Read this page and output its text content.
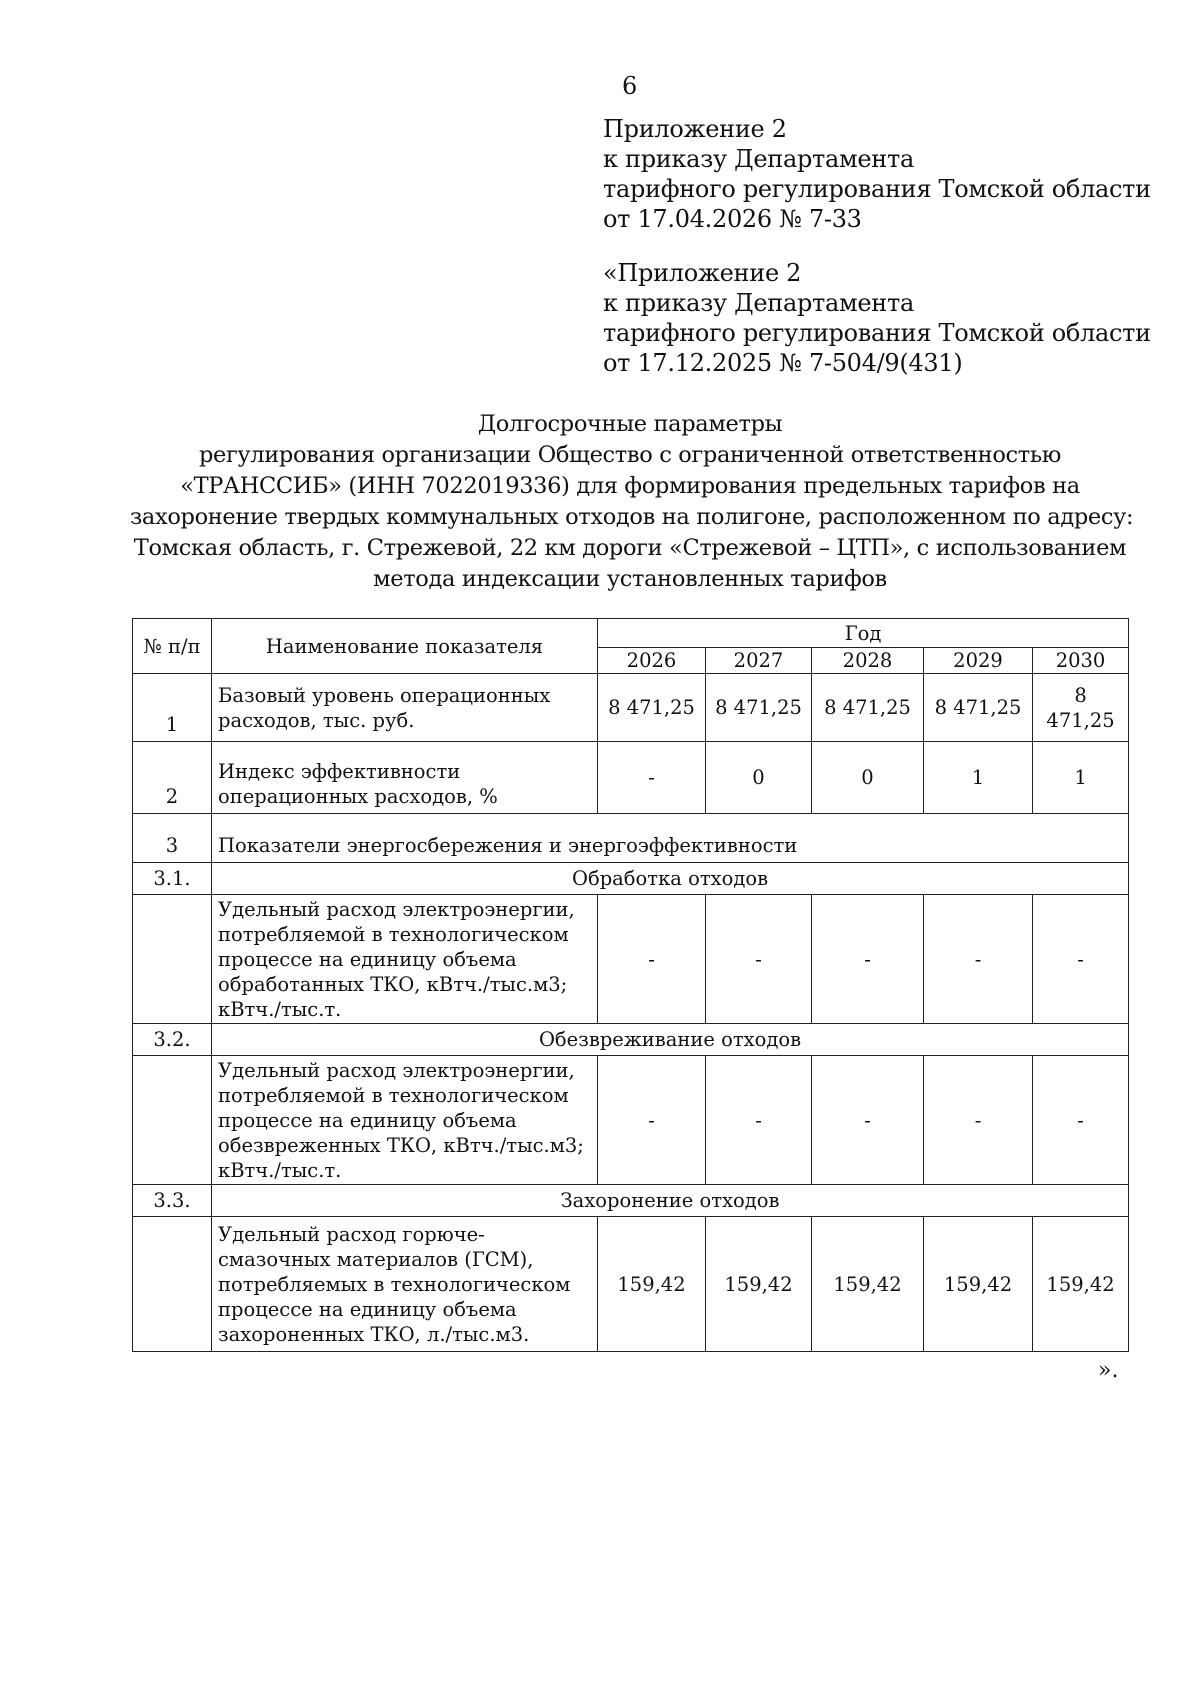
6
Приложение 2
к приказу Департамента
тарифного регулирования Томской области
от 17.04.2026 № 7-33
«Приложение 2
к приказу Департамента
тарифного регулирования Томской области
от 17.12.2025 № 7-504/9(431)
Долгосрочные параметры
регулирования организации Общество с ограниченной ответственностью
«ТРАНССИБ» (ИНН 7022019336) для формирования предельных тарифов на
захоронение твердых коммунальных отходов на полигоне, расположенном по адресу:
Томская область, г. Стрежевой, 22 км дороги «Стрежевой – ЦТП», с использованием
метода индексации установленных тарифов
№ п/п	Наименование показателя	Год				
		2026	2027	2028	2029	2030
1	Базовый уровень операционных расходов, тыс. руб.	8 471,25	8 471,25	8 471,25	8 471,25	8 471,25
2	Индекс эффективности операционных расходов, %	-	0	0	1	1
3	Показатели энергосбережения и энергоэффективности					
3.1.	Обработка отходов					
	Удельный расход электроэнергии, потребляемой в технологическом процессе на единицу объема обработанных ТКО, кВтч./тыс.м3; кВтч./тыс.т.	-	-	-	-	-
3.2.	Обезвреживание отходов					
	Удельный расход электроэнергии, потребляемой в технологическом процессе на единицу объема обезвреженных ТКО, кВтч./тыс.м3; кВтч./тыс.т.	-	-	-	-	-
3.3.	Захоронение отходов					
	Удельный расход горюче-смазочных материалов (ГСМ), потребляемых в технологическом процессе на единицу объема захороненных ТКО, л./тыс.м3.	159,42	159,42	159,42	159,42	159,42
».
